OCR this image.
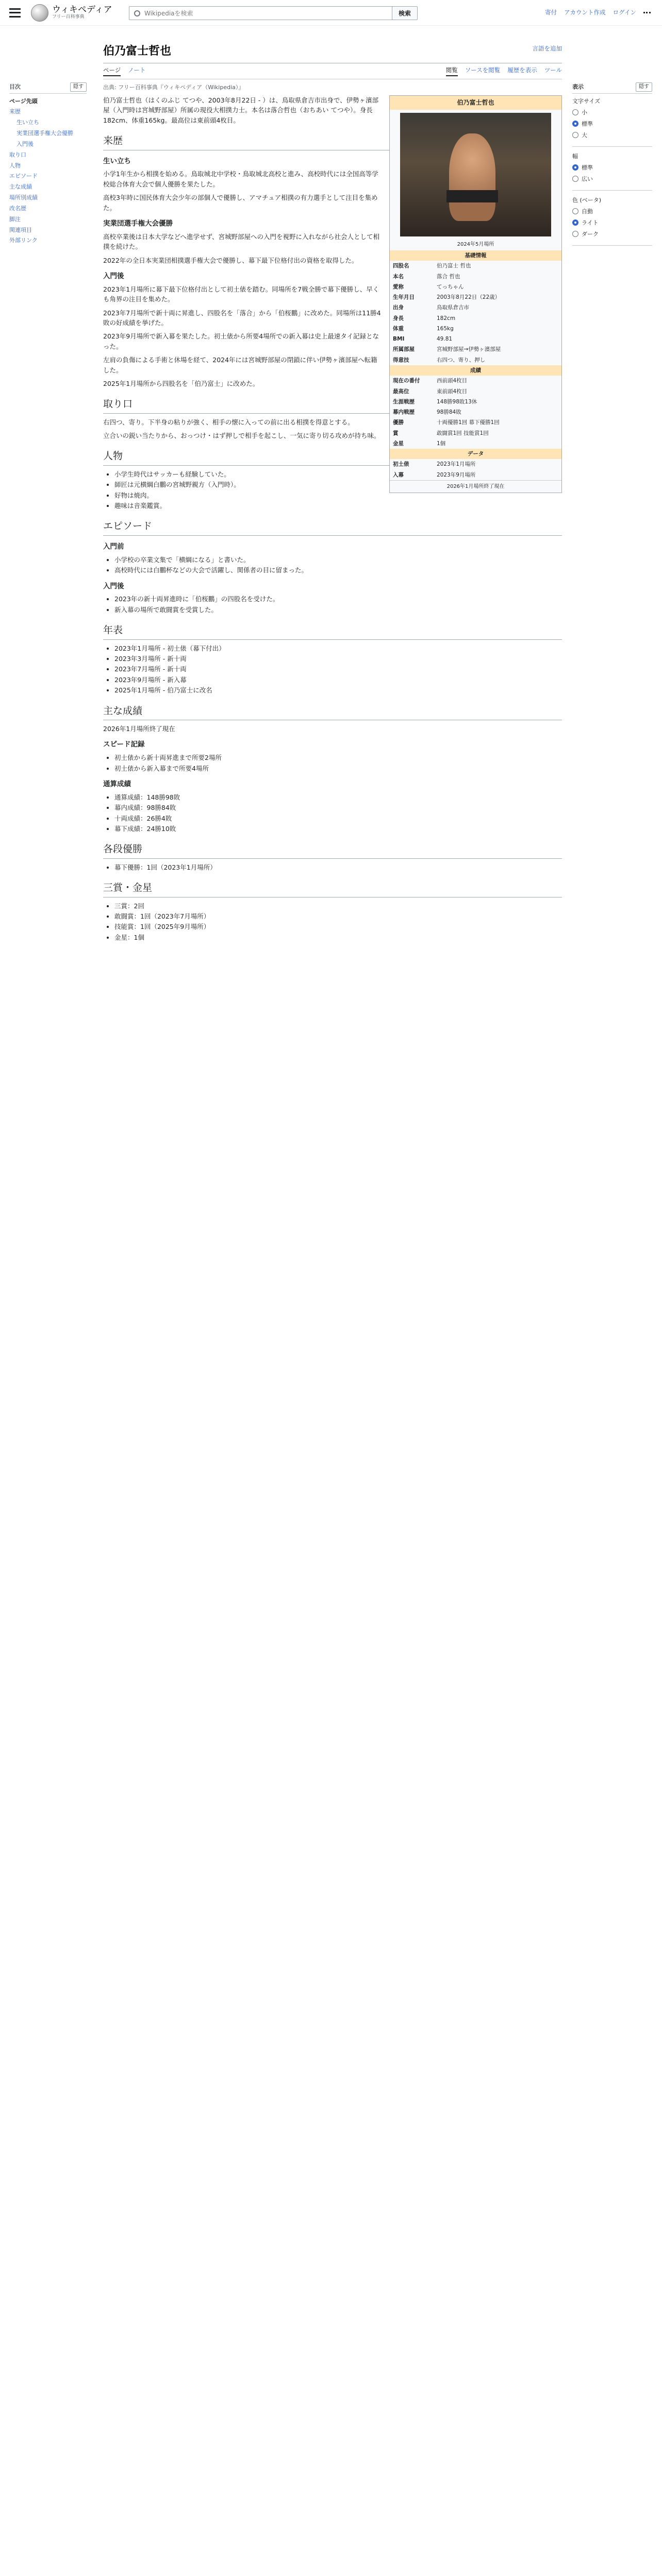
ウィキペディア
フリー百科事典
Wikipediaを検索	検索	寄付 アカウント作成 ログイン
目次	隠す
ページ先頭
来歴
生い立ち
実業団選手権大会優勝
入門後
取り口
人物
エピソード
主な成績
場所別成績
改名歴
脚注
関連項目
外部リンク
伯乃富士哲也	言語を追加
ページ ノート	閲覧 ソースを閲覧 履歴を表示 ツール
出典: フリー百科事典『ウィキペディア（Wikipedia）』
伯乃富士哲也
2024年5月場所
基礎情報
四股名	伯乃富士 哲也
本名	落合 哲也
愛称	てっちゃん
生年月日	2003年8月22日（22歳）
出身	鳥取県倉吉市
身長	182cm
体重	165kg
BMI	49.81
所属部屋	宮城野部屋→伊勢ヶ濱部屋
得意技	右四つ、寄り、押し
成績
現在の番付	西前頭4枚目
最高位	東前頭4枚目
生涯戦歴	148勝98敗13休
幕内戦歴	98勝84敗
優勝	十両優勝1回 幕下優勝1回
賞	敢闘賞1回 技能賞1回
金星	1個
データ
初土俵	2023年1月場所
入幕	2023年9月場所
2026年1月場所終了現在

伯乃富士哲也（はくのふじ てつや、2003年8月22日 - ）は、鳥取県倉吉市出身で、伊勢ヶ濱部屋（入門時は宮城野部屋）所属の現役大相撲力士。本名は落合哲也（おちあい てつや）。身長182cm、体重165kg。最高位は東前頭4枚目。

来歴
生い立ち

小学1年生から相撲を始める。鳥取城北中学校・鳥取城北高校と進み、高校時代には全国高等学校総合体育大会で個人優勝を果たした。

高校3年時に国民体育大会少年の部個人で優勝し、アマチュア相撲の有力選手として注目を集めた。

実業団選手権大会優勝

高校卒業後は日本大学などへ進学せず、宮城野部屋への入門を視野に入れながら社会人として相撲を続けた。

2022年の全日本実業団相撲選手権大会で優勝し、幕下最下位格付出の資格を取得した。

入門後

2023年1月場所に幕下最下位格付出として初土俵を踏む。同場所を7戦全勝で幕下優勝し、早くも角界の注目を集めた。

2023年7月場所で新十両に昇進し、四股名を「落合」から「伯桜鵬」に改めた。同場所は11勝4敗の好成績を挙げた。

2023年9月場所で新入幕を果たした。初土俵から所要4場所での新入幕は史上最速タイ記録となった。

左肩の負傷による手術と休場を経て、2024年には宮城野部屋の閉鎖に伴い伊勢ヶ濱部屋へ転籍した。

2025年1月場所から四股名を「伯乃富士」に改めた。

取り口

右四つ、寄り。下半身の粘りが強く、相手の懐に入っての前に出る相撲を得意とする。

立合いの鋭い当たりから、おっつけ・はず押しで相手を起こし、一気に寄り切る攻めが持ち味。

人物
• 小学生時代はサッカーも経験していた。
• 師匠は元横綱白鵬の宮城野親方（入門時）。
• 好物は焼肉。
• 趣味は音楽鑑賞。
エピソード
入門前
• 小学校の卒業文集で「横綱になる」と書いた。
• 高校時代には白鵬杯などの大会で活躍し、関係者の目に留まった。
入門後
• 2023年の新十両昇進時に「伯桜鵬」の四股名を受けた。
• 新入幕の場所で敢闘賞を受賞した。
年表
• 2023年1月場所 - 初土俵（幕下付出）
• 2023年3月場所 - 新十両
• 2023年7月場所 - 新十両
• 2023年9月場所 - 新入幕
• 2025年1月場所 - 伯乃富士に改名
主な成績

2026年1月場所終了現在

スピード記録
• 初土俵から新十両昇進まで所要2場所
• 初土俵から新入幕まで所要4場所
通算成績
• 通算成績：148勝98敗
• 幕内成績：98勝84敗
• 十両成績：26勝4敗
• 幕下成績：24勝10敗
各段優勝
• 幕下優勝：1回（2023年1月場所）
三賞・金星
• 三賞：2回
• 敢闘賞：1回（2023年7月場所）
• 技能賞：1回（2025年9月場所）
• 金星：1個
表示	隠す
文字サイズ
小
標準
大
幅
標準
広い
色 (ベータ)
自動
ライト
ダーク
